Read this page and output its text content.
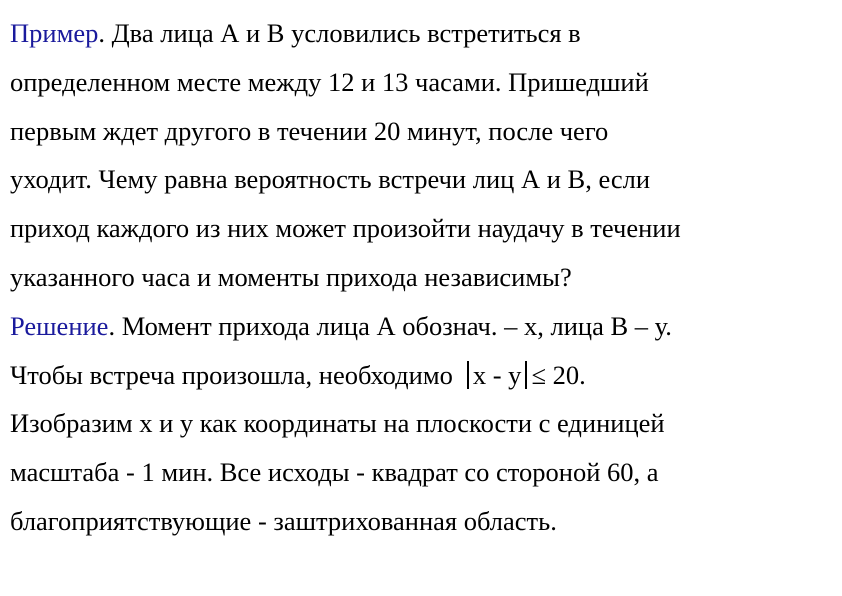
Пример. Два лица А и В условились встретиться в
определенном месте между 12 и 13 часами. Пришедший
первым ждет другого в течении 20 минут, после чего
уходит. Чему равна вероятность встречи лиц А и В, если
приход каждого из них может произойти наудачу в течении
указанного часа и моменты прихода независимы?
Решение. Момент прихода лица А обознач. – х, лица В – у.
Чтобы встреча произошла, необходимо х - у ≤ 20.
Изобразим х и у как координаты на плоскости с единицей
масштаба - 1 мин. Все исходы - квадрат со стороной 60, а
благоприятствующие - заштрихованная область.
